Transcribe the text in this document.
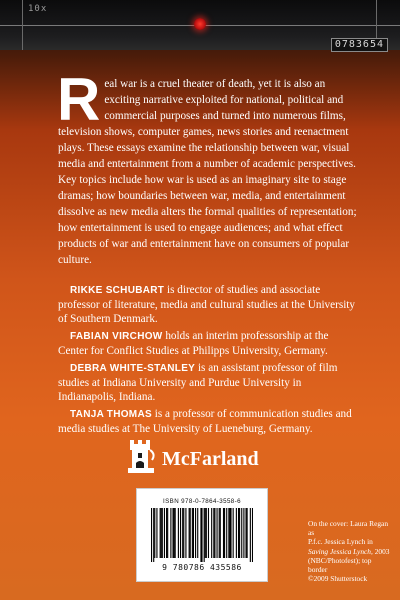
10x
0783654

Real war is a cruel theater of death, yet it is also an exciting narrative exploited for national, political and commercial purposes and turned into numerous films, television shows, computer games, news stories and reenactment plays. These essays examine the relationship between war, visual media and entertainment from a number of academic perspectives. Key topics include how war is used as an imaginary site to stage dramas; how boundaries between war, media, and entertainment dissolve as new media alters the formal qualities of representation; how entertainment is used to engage audiences; and what effect products of war and entertainment have on consumers of popular culture.

RIKKE SCHUBART is director of studies and associate professor of literature, media and cultural studies at the University of Southern Denmark.

FABIAN VIRCHOW holds an interim professorship at the Center for Conflict Studies at Philipps University, Germany.

DEBRA WHITE-STANLEY is an assistant professor of film studies at Indiana University and Purdue University in Indianapolis, Indiana.

TANJA THOMAS is a professor of communication studies and media studies at The University of Lueneburg, Germany.

McFarland
ISBN 978-0-7864-3558-6
9 780786 435586

On the cover: Laura Regan as
P.f.c. Jessica Lynch in
Saving Jessica Lynch, 2003
(NBC/Photofest); top border
©2009 Shutterstock
